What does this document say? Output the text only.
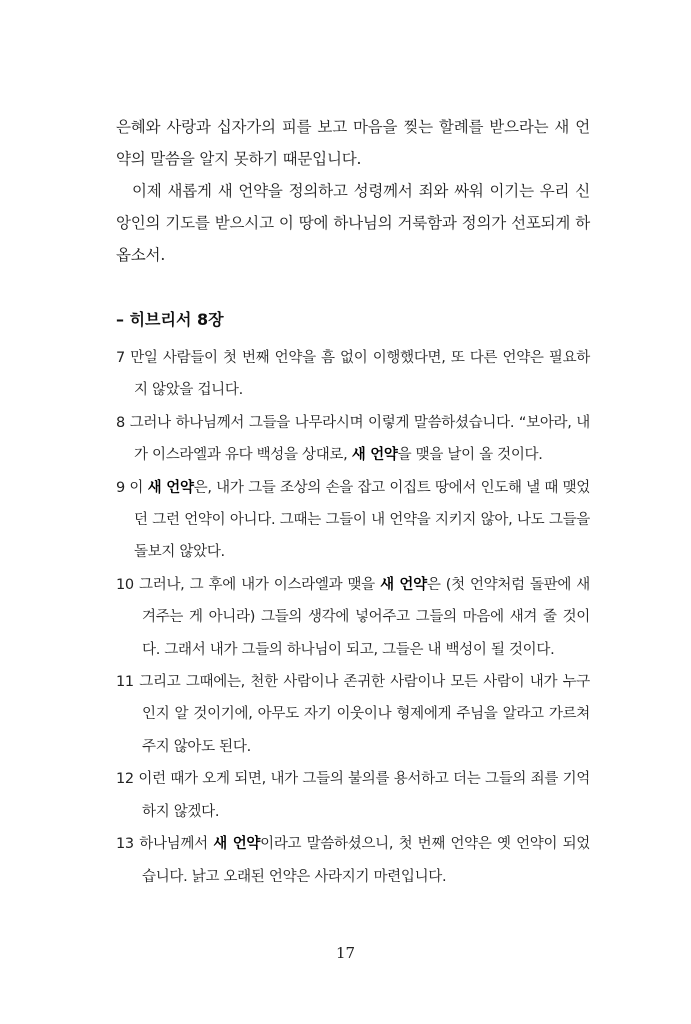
은혜와 사랑과 십자가의 피를 보고 마음을 찢는 할례를 받으라는 새 언약의 말씀을 알지 못하기 때문입니다.

이제 새롭게 새 언약을 정의하고 성령께서 죄와 싸워 이기는 우리 신앙인의 기도를 받으시고 이 땅에 하나님의 거룩함과 정의가 선포되게 하옵소서.

– 히브리서 8장

7 만일 사람들이 첫 번째 언약을 흠 없이 이행했다면, 또 다른 언약은 필요하지 않았을 겁니다.

8 그러나 하나님께서 그들을 나무라시며 이렇게 말씀하셨습니다. “보아라, 내가 이스라엘과 유다 백성을 상대로, 새 언약을 맺을 날이 올 것이다.

9 이 새 언약은, 내가 그들 조상의 손을 잡고 이집트 땅에서 인도해 낼 때 맺었던 그런 언약이 아니다. 그때는 그들이 내 언약을 지키지 않아, 나도 그들을 돌보지 않았다.

10 그러나, 그 후에 내가 이스라엘과 맺을 새 언약은 (첫 언약처럼 돌판에 새겨주는 게 아니라) 그들의 생각에 넣어주고 그들의 마음에 새겨 줄 것이다. 그래서 내가 그들의 하나님이 되고, 그들은 내 백성이 될 것이다.

11 그리고 그때에는, 천한 사람이나 존귀한 사람이나 모든 사람이 내가 누구인지 알 것이기에, 아무도 자기 이웃이나 형제에게 주님을 알라고 가르쳐 주지 않아도 된다.

12 이런 때가 오게 되면, 내가 그들의 불의를 용서하고 더는 그들의 죄를 기억하지 않겠다.

13 하나님께서 새 언약이라고 말씀하셨으니, 첫 번째 언약은 옛 언약이 되었습니다. 낡고 오래된 언약은 사라지기 마련입니다.

17
